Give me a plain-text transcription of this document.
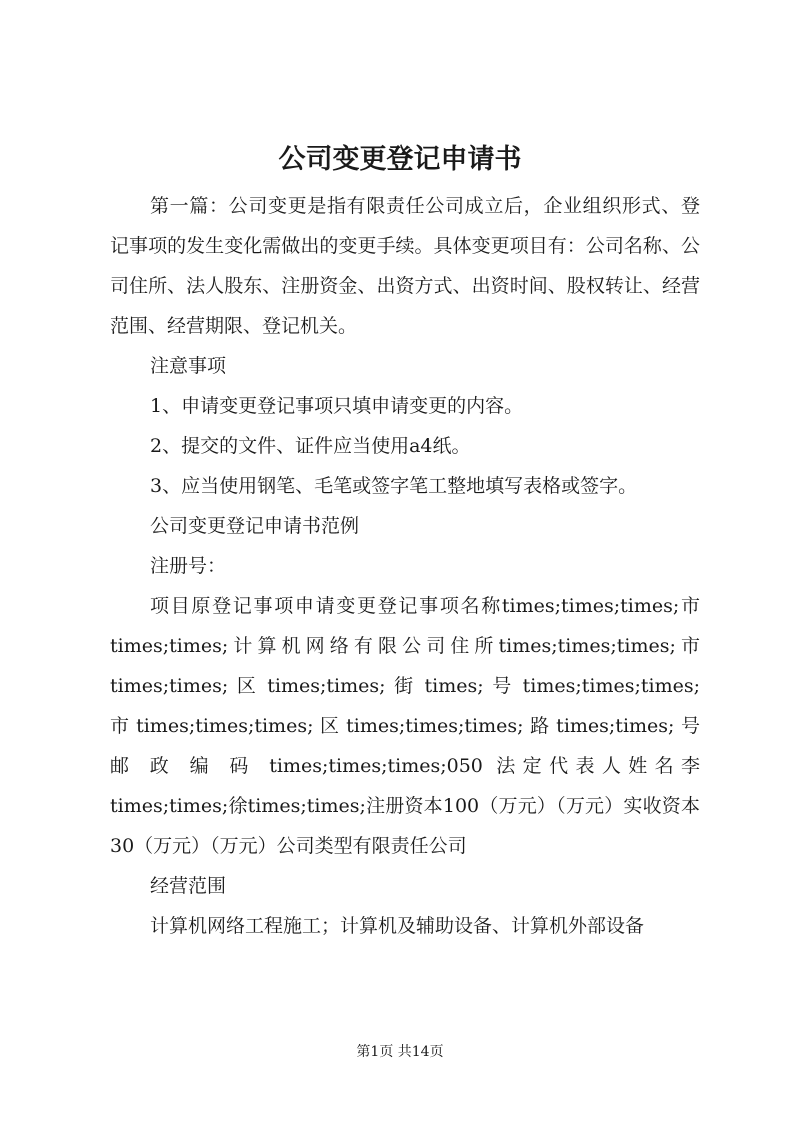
公司变更登记申请书

第一篇：公司变更是指有限责任公司成立后，企业组织形式、登记事项的发生变化需做出的变更手续。具体变更项目有：公司名称、公司住所、法人股东、注册资金、出资方式、出资时间、股权转让、经营范围、经营期限、登记机关。

注意事项

1、申请变更登记事项只填申请变更的内容。

2、提交的文件、证件应当使用a4纸。

3、应当使用钢笔、毛笔或签字笔工整地填写表格或签字。

公司变更登记申请书范例

注册号：

项目原登记事项申请变更登记事项名称times;times;times;市times;times;计算机网络有限公司住所times;times;times;市 times;times; 区 times;times; 街 times; 号 times;times;times; 市 times;times;times; 区 times;times;times; 路 times;times; 号 邮 政 编 码 times;times;times;050 法定代表人姓名李times;times;徐times;times;注册资本100（万元）（万元）实收资本30（万元）（万元）公司类型有限责任公司

经营范围

计算机网络工程施工；计算机及辅助设备、计算机外部设备

第1页 共14页
